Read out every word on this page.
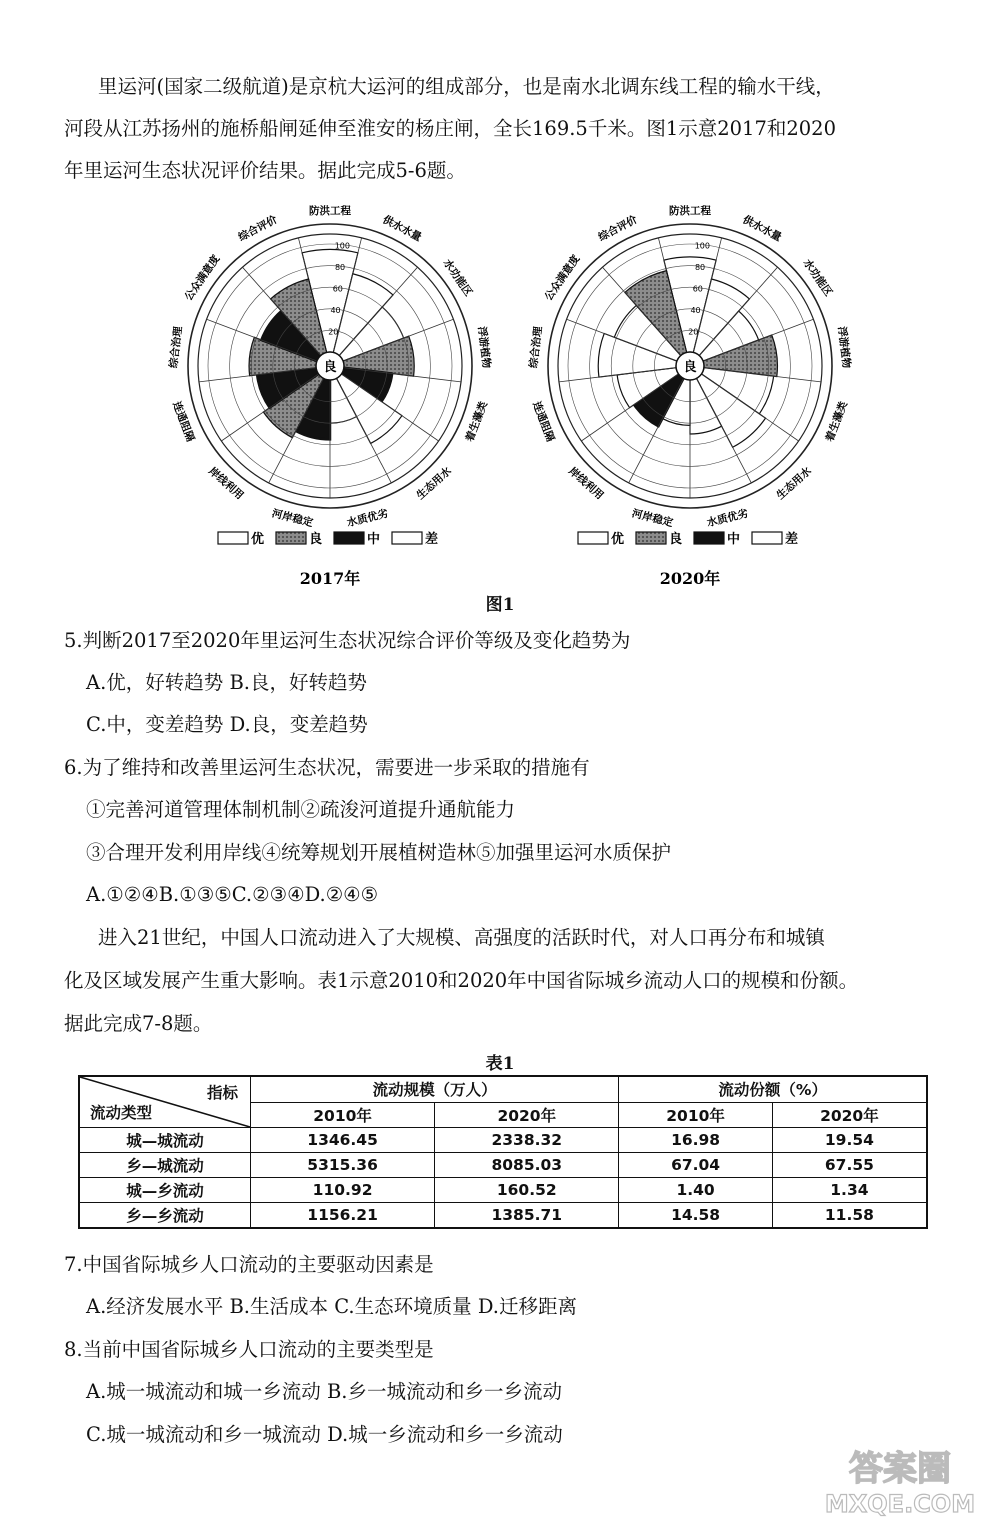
里运河(国家二级航道)是京杭大运河的组成部分，也是南水北调东线工程的输水干线，
河段从江苏扬州的施桥船闸延伸至淮安的杨庄闸，全长169.5千米。图1示意2017和2020
年里运河生态状况评价结果。据此完成5-6题。
20
40
60
80
100
良
防洪工程
供水水量
水功能区
浮游植物
着生藻类
生态用水
水质优劣
河岸稳定
岸线利用
连通阻隔
综合治理
公众满意度
综合评价
优	良	中	差
2017年
20
40
60
80
100
良
防洪工程
供水水量
水功能区
浮游植物
着生藻类
生态用水
水质优劣
河岸稳定
岸线利用
连通阻隔
综合治理
公众满意度
综合评价
优	良	中	差
2020年
图1
5.判断2017至2020年里运河生态状况综合评价等级及变化趋势为
A.优，好转趋势 B.良，好转趋势
C.中，变差趋势 D.良，变差趋势
6.为了维持和改善里运河生态状况，需要进一步采取的措施有
①完善河道管理体制机制②疏浚河道提升通航能力
③合理开发利用岸线④统筹规划开展植树造林⑤加强里运河水质保护
A.①②④B.①③⑤C.②③④D.②④⑤
进入21世纪，中国人口流动进入了大规模、高强度的活跃时代，对人口再分布和城镇
化及区域发展产生重大影响。表1示意2010和2020年中国省际城乡流动人口的规模和份额。
据此完成7-8题。
表1
指标
流动类型	流动规模（万人）		流动份额（%）	
	2010年	2020年	2010年	2020年
城—城流动	1346.45	2338.32	16.98	19.54
乡—城流动	5315.36	8085.03	67.04	67.55
城—乡流动	110.92	160.52	1.40	1.34
乡—乡流动	1156.21	1385.71	14.58	11.58
7.中国省际城乡人口流动的主要驱动因素是
A.经济发展水平 B.生活成本 C.生态环境质量 D.迁移距离
8.当前中国省际城乡人口流动的主要类型是
A.城一城流动和城一乡流动 B.乡一城流动和乡一乡流动
C.城一城流动和乡一城流动 D.城一乡流动和乡一乡流动
答案圈
MXQE.COM
